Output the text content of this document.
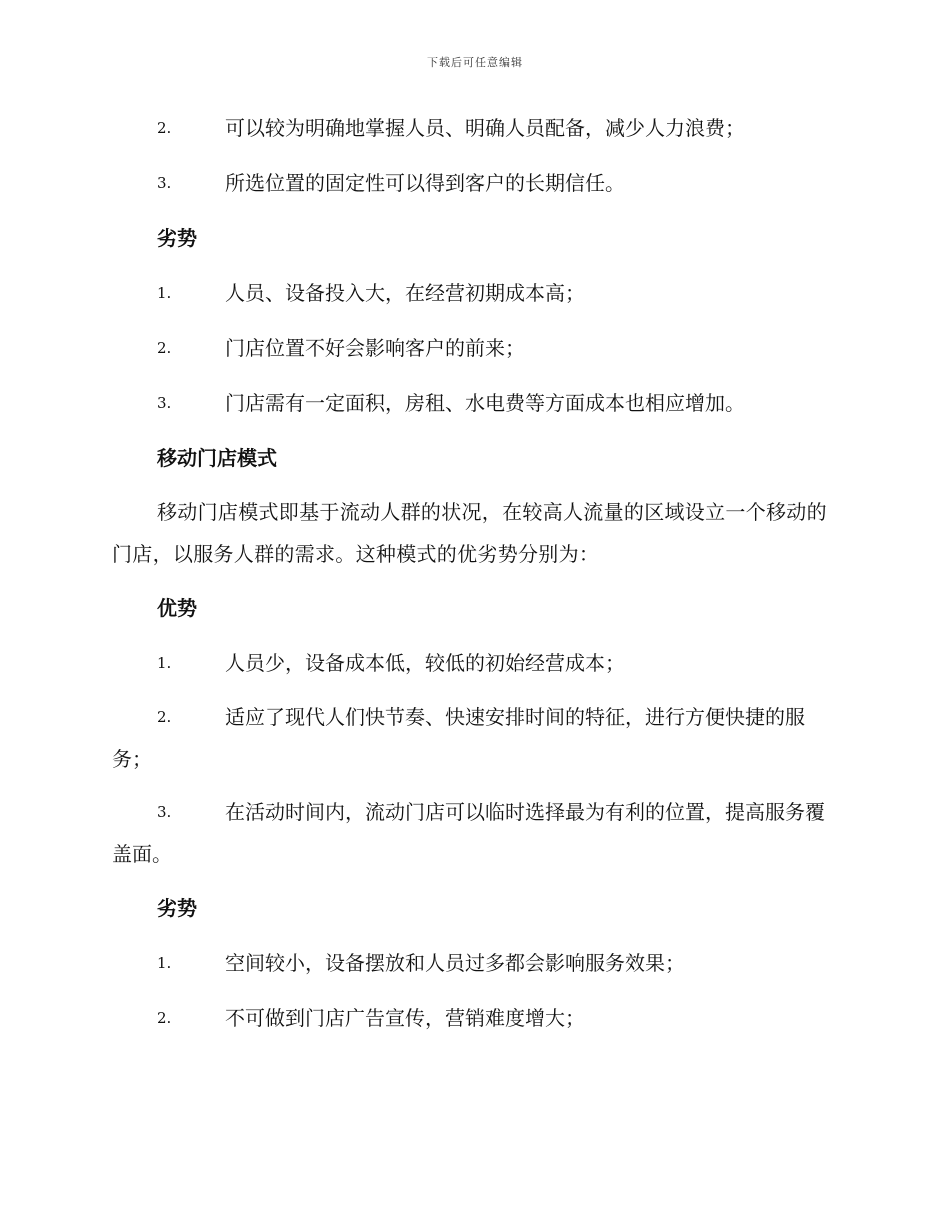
下载后可任意编辑
2.	可以较为明确地掌握人员、明确人员配备，减少人力浪费；
3.	所选位置的固定性可以得到客户的长期信任。
劣势
1.	人员、设备投入大，在经营初期成本高；
2.	门店位置不好会影响客户的前来；
3.	门店需有一定面积，房租、水电费等方面成本也相应增加。
移动门店模式
移动门店模式即基于流动人群的状况，在较高人流量的区域设立一个移动的门店，以服务人群的需求。这种模式的优劣势分别为：
优势
1.	人员少，设备成本低，较低的初始经营成本；
2.	适应了现代人们快节奏、快速安排时间的特征，进行方便快捷的服务；
3.	在活动时间内，流动门店可以临时选择最为有利的位置，提高服务覆盖面。
劣势
1.	空间较小，设备摆放和人员过多都会影响服务效果；
2.	不可做到门店广告宣传，营销难度增大；
